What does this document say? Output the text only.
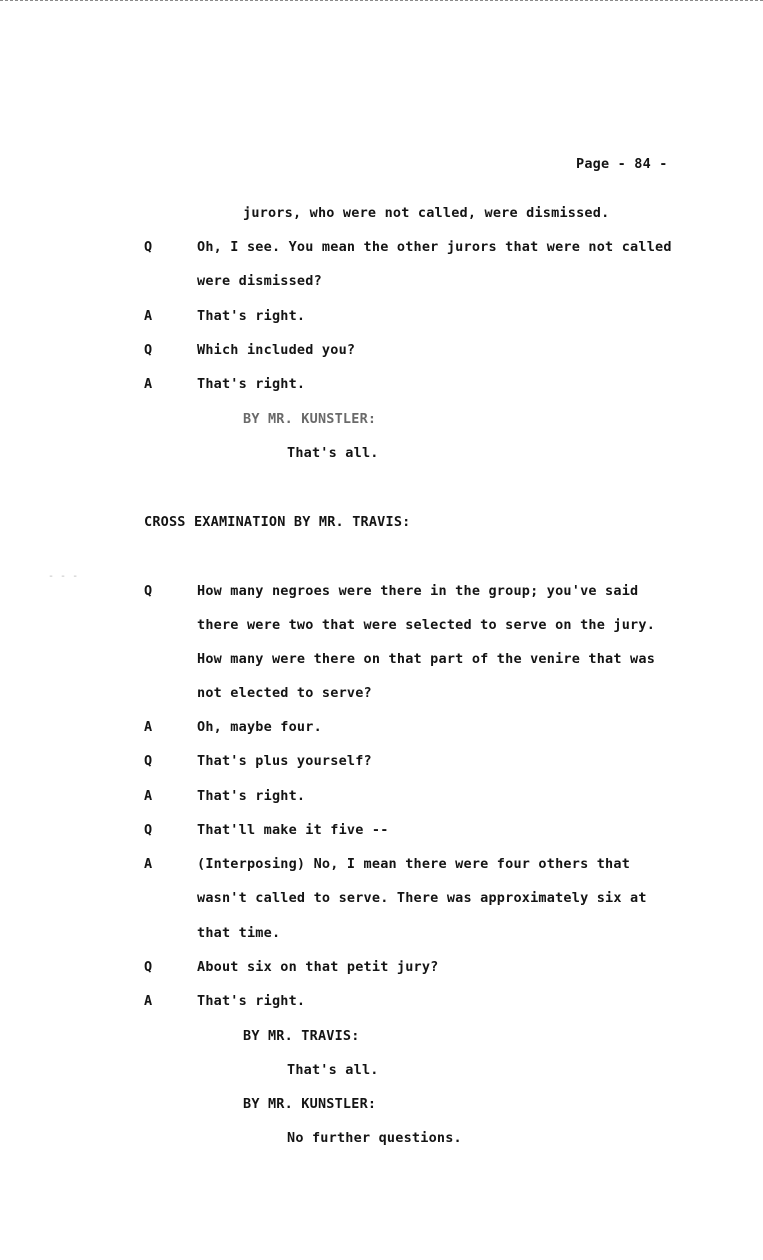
Page - 84 -
jurors, who were not called, were dismissed.
Q	Oh, I see. You mean the other jurors that were not called
were dismissed?
A	That's right.
Q	Which included you?
A	That's right.
BY MR. KUNSTLER:
That's all.
CROSS EXAMINATION BY MR. TRAVIS:
- - -
Q	How many negroes were there in the group; you've said
there were two that were selected to serve on the jury.
How many were there on that part of the venire that was
not elected to serve?
A	Oh, maybe four.
Q	That's plus yourself?
A	That's right.
Q	That'll make it five --
A	(Interposing) No, I mean there were four others that
wasn't called to serve. There was approximately six at
that time.
Q	About six on that petit jury?
A	That's right.
BY MR. TRAVIS:
That's all.
BY MR. KUNSTLER:
No further questions.
